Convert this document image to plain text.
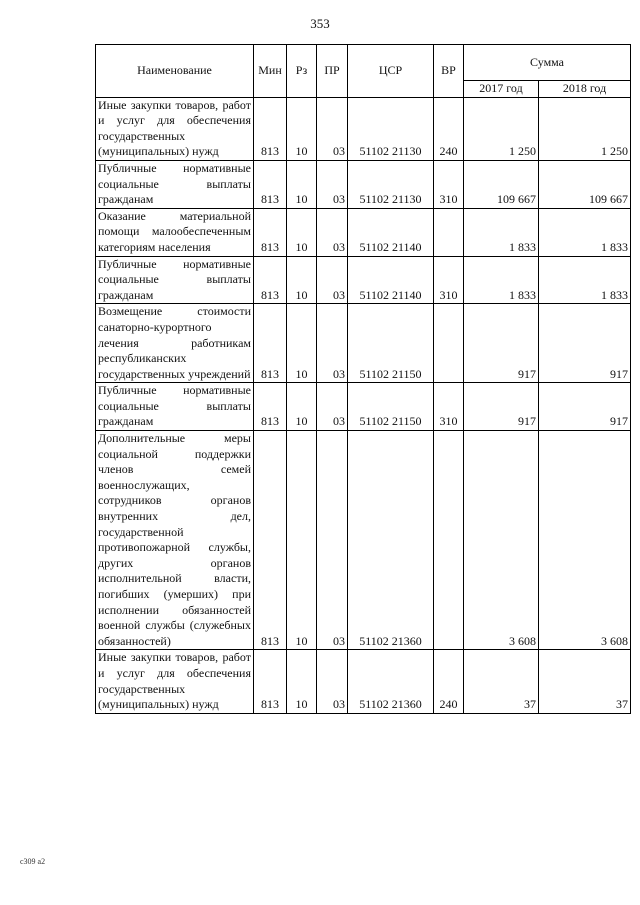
353
Наименование	Мин	Рз	ПР	ЦСР	ВР	Сумма	
						2017 год	2018 год
Иные закупки товаров, работ и услуг для обеспечения государственных (муниципальных) нужд	813	10	03	51102 21130	240	1 250	1 250
Публичные нормативные социальные выплаты гражданам	813	10	03	51102 21130	310	109 667	109 667
Оказание материальной помощи малообеспеченным категориям населения	813	10	03	51102 21140		1 833	1 833
Публичные нормативные социальные выплаты гражданам	813	10	03	51102 21140	310	1 833	1 833
Возмещение стоимости санаторно-курортного лечения работникам республиканских государственных учреждений	813	10	03	51102 21150		917	917
Публичные нормативные социальные выплаты гражданам	813	10	03	51102 21150	310	917	917
Дополнительные меры социальной поддержки членов семей военнослужащих, сотрудников органов внутренних дел, государственной противопожарной службы, других органов исполнительной власти, погибших (умерших) при исполнении обязанностей военной службы (служебных обязанностей)	813	10	03	51102 21360		3 608	3 608
Иные закупки товаров, работ и услуг для обеспечения государственных (муниципальных) нужд	813	10	03	51102 21360	240	37	37
с309 а2
